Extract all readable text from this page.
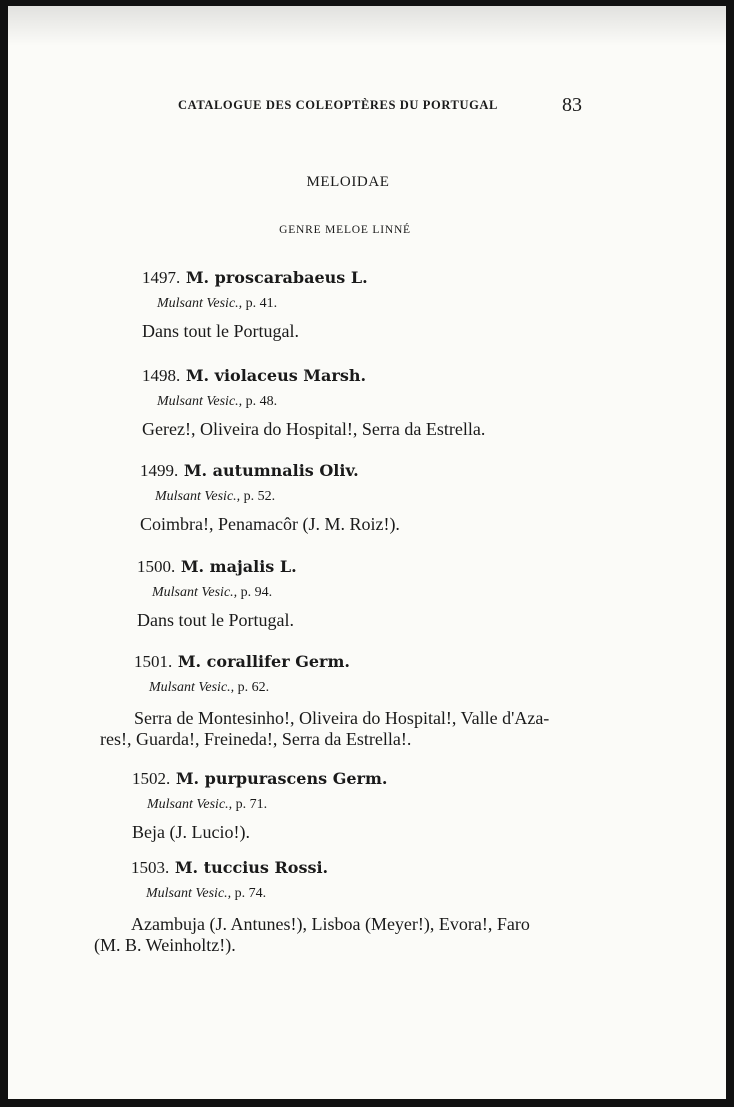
CATALOGUE DES COLEOPTÈRES DU PORTUGAL	83
MELOIDAE
GENRE MELOE LINNÉ
1497. M. proscarabaeus L.
Mulsant Vesic., p. 41.
Dans tout le Portugal.
1498. M. violaceus Marsh.
Mulsant Vesic., p. 48.
Gerez!, Oliveira do Hospital!, Serra da Estrella.
1499. M. autumnalis Oliv.
Mulsant Vesic., p. 52.
Coimbra!, Penamacôr (J. M. Roiz!).
1500. M. majalis L.
Mulsant Vesic., p. 94.
Dans tout le Portugal.
1501. M. corallifer Germ.
Mulsant Vesic., p. 62.
Serra de Montesinho!, Oliveira do Hospital!, Valle d'Aza-
res!, Guarda!, Freineda!, Serra da Estrella!.
1502. M. purpurascens Germ.
Mulsant Vesic., p. 71.
Beja (J. Lucio!).
1503. M. tuccius Rossi.
Mulsant Vesic., p. 74.
Azambuja (J. Antunes!), Lisboa (Meyer!), Evora!, Faro
(M. B. Weinholtz!).
